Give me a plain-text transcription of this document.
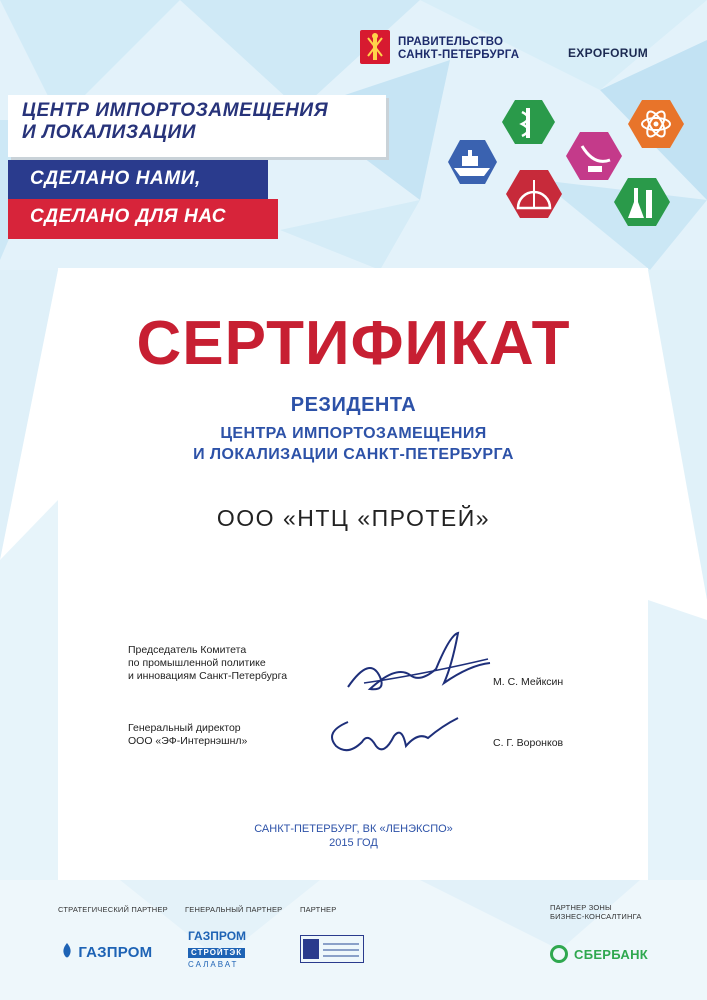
ПРАВИТЕЛЬСТВО
САНКТ-ПЕТЕРБУРГА	EXPOFORUM
ЦЕНТР ИМПОРТОЗАМЕЩЕНИЯ
И ЛОКАЛИЗАЦИИ
СДЕЛАНО НАМИ,
СДЕЛАНО ДЛЯ НАС
СЕРТИФИКАТ
РЕЗИДЕНТА
ЦЕНТРА ИМПОРТОЗАМЕЩЕНИЯ
И ЛОКАЛИЗАЦИИ САНКТ-ПЕТЕРБУРГА
ООО «НТЦ «ПРОТЕЙ»
Председатель Комитета
по промышленной политике
и инновациям Санкт-Петербурга	М. С. Мейксин
Генеральный директор
ООО «ЭФ-Интернэшнл»	С. Г. Воронков
САНКТ-ПЕТЕРБУРГ, ВК «ЛЕНЭКСПО»
2015 ГОД
СТРАТЕГИЧЕСКИЙ ПАРТНЕР ГЕНЕРАЛЬНЫЙ ПАРТНЕР ПАРТНЕР	ПАРТНЕР ЗОНЫ
БИЗНЕС-КОНСАЛТИНГА
ГАЗПРОМ
ГАЗПРОМ
СТРОЙТЭК
САЛАВАТ
СБЕРБАНК
